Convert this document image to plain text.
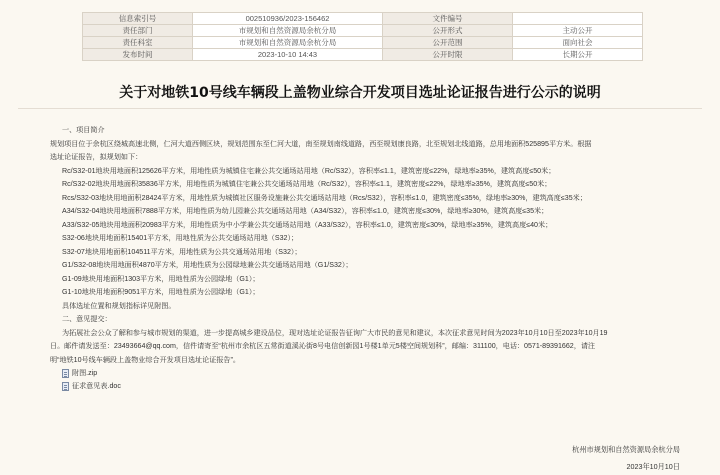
信息索引号	002510936/2023-156462	文件编号	
责任部门	市规划和自然资源局余杭分局	公开形式	主动公开
责任科室	市规划和自然资源局余杭分局	公开范围	面向社会
发布时间	2023-10-10 14:43	公开时限	长期公开
关于对地铁10号线车辆段上盖物业综合开发项目选址论证报告进行公示的说明
一、项目简介
规划项目位于余杭区绕城高速北侧，仁河大道西侧区块，规划范围东至仁河大道，南至规划南线道路，西至规划康良路，北至规划北线道路，总用地面积525895平方米。根据
选址论证报告，拟规划如下：
Rc/S32-01地块用地面积125626平方米，用地性质为城镇住宅兼公共交通场站用地（Rc/S32），容积率≤1.1，建筑密度≤22%，绿地率≥35%，建筑高度≤50米；
Rc/S32-02地块用地面积35836平方米，用地性质为城镇住宅兼公共交通场站用地（Rc/S32），容积率≤1.1，建筑密度≤22%，绿地率≥35%，建筑高度≤50米；
Rcs/S32-03地块用地面积28424平方米，用地性质为城镇社区服务设施兼公共交通场站用地（Rcs/S32），容积率≤1.0，建筑密度≤35%，绿地率≥30%，建筑高度≤35米；
A34/S32-04地块用地面积7888平方米，用地性质为幼儿园兼公共交通场站用地（A34/S32），容积率≤1.0，建筑密度≤30%，绿地率≥30%，建筑高度≤35米；
A33/S32-05地块用地面积20983平方米，用地性质为中小学兼公共交通场站用地（A33/S32），容积率≤1.0，建筑密度≤30%，绿地率≥35%，建筑高度≤40米；
S32-06地块用地面积15401平方米，用地性质为公共交通场站用地（S32）；
S32-07地块用地面积104511平方米，用地性质为公共交通场站用地（S32）；
G1/S32-08地块用地面积4870平方米，用地性质为公园绿地兼公共交通场站用地（G1/S32）；
G1-09地块用地面积1303平方米，用地性质为公园绿地（G1）；
G1-10地块用地面积9051平方米，用地性质为公园绿地（G1）；
具体选址位置和规划指标详见附图。
二、意见提交：
为拓展社会公众了解和参与城市规划的渠道，进一步提高城乡建设品位，现对选址论证报告征询广大市民的意见和建议，本次征求意见时间为2023年10月10日至2023年10月19
日。邮件请发送至：23493664@qq.com，信件请寄至“杭州市余杭区五常街道溪沁街8号电信创新园1号楼1单元5楼空间规划科”，邮编：311100，电话：0571-89391662，请注
明“地铁10号线车辆段上盖物业综合开发项目选址论证报告”。
附图.zip
征求意见表.doc
杭州市规划和自然资源局余杭分局
2023年10月10日
